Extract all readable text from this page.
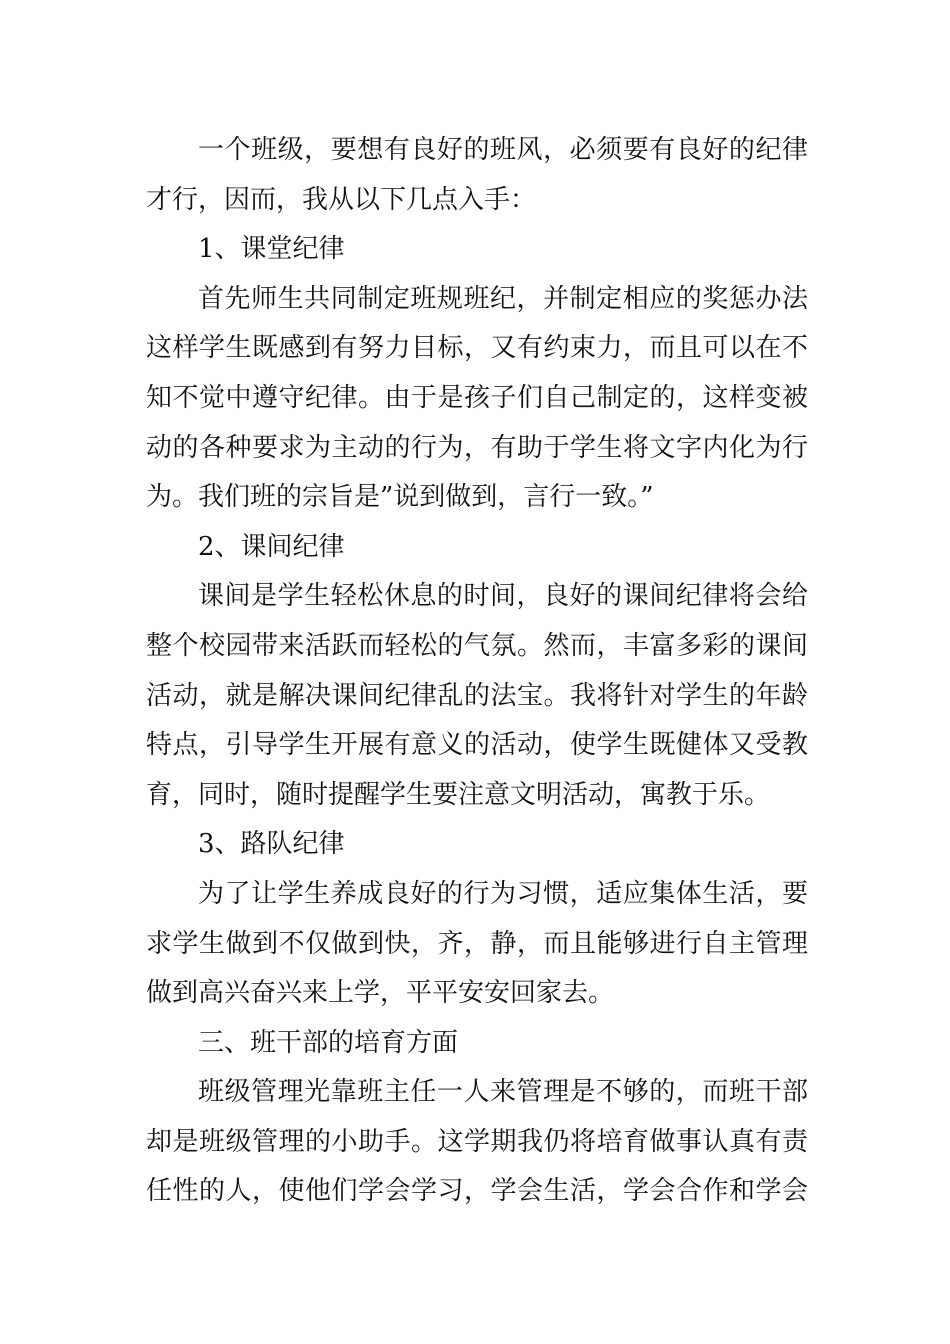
一个班级，要想有良好的班风，必须要有良好的纪律
才行，因而，我从以下几点入手：
1、课堂纪律
首先师生共同制定班规班纪，并制定相应的奖惩办法
这样学生既感到有努力目标，又有约束力，而且可以在不
知不觉中遵守纪律。由于是孩子们自己制定的，这样变被
动的各种要求为主动的行为，有助于学生将文字内化为行
为。我们班的宗旨是”说到做到，言行一致。”
2、课间纪律
课间是学生轻松休息的时间，良好的课间纪律将会给
整个校园带来活跃而轻松的气氛。然而，丰富多彩的课间
活动，就是解决课间纪律乱的法宝。我将针对学生的年龄
特点，引导学生开展有意义的活动，使学生既健体又受教
育，同时，随时提醒学生要注意文明活动，寓教于乐。
3、路队纪律
为了让学生养成良好的行为习惯，适应集体生活，要
求学生做到不仅做到快，齐，静，而且能够进行自主管理
做到高兴奋兴来上学，平平安安回家去。
三、班干部的培育方面
班级管理光靠班主任一人来管理是不够的，而班干部
却是班级管理的小助手。这学期我仍将培育做事认真有责
任性的人，使他们学会学习，学会生活，学会合作和学会
